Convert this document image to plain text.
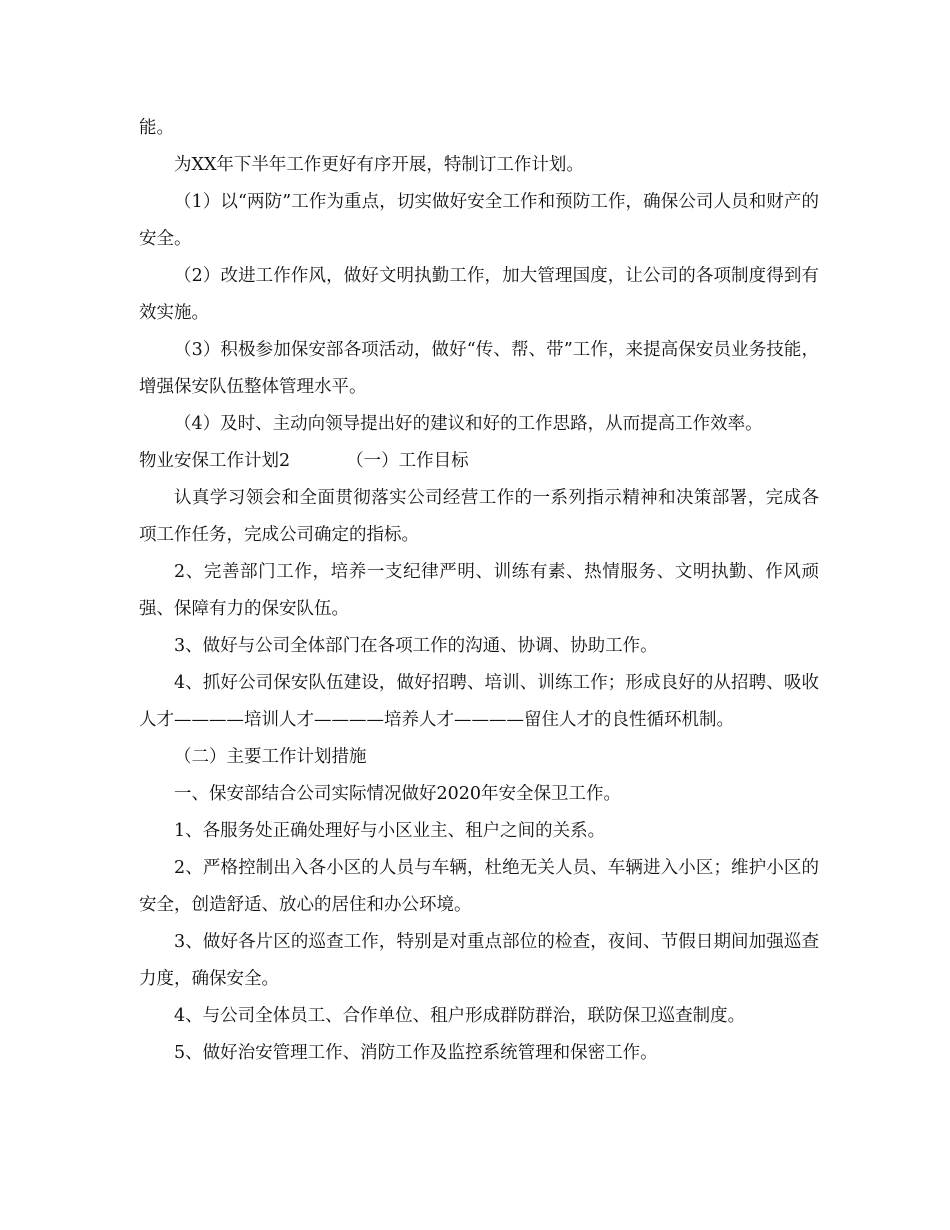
能。

为XX年下半年工作更好有序开展，特制订工作计划。

（1）以“两防”工作为重点，切实做好安全工作和预防工作，确保公司人员和财产的安全。

（2）改进工作作风，做好文明执勤工作，加大管理国度，让公司的各项制度得到有效实施。

（3）积极参加保安部各项活动，做好“传、帮、带”工作，来提高保安员业务技能，增强保安队伍整体管理水平。

（4）及时、主动向领导提出好的建议和好的工作思路，从而提高工作效率。

物业安保工作计划2	（一）工作目标

认真学习领会和全面贯彻落实公司经营工作的一系列指示精神和决策部署，完成各项工作任务，完成公司确定的指标。

2、完善部门工作，培养一支纪律严明、训练有素、热情服务、文明执勤、作风顽强、保障有力的保安队伍。

3、做好与公司全体部门在各项工作的沟通、协调、协助工作。

4、抓好公司保安队伍建设，做好招聘、培训、训练工作；形成良好的从招聘、吸收人才————培训人才————培养人才————留住人才的良性循环机制。

（二）主要工作计划措施

一、保安部结合公司实际情况做好2020年安全保卫工作。

1、各服务处正确处理好与小区业主、租户之间的关系。

2、严格控制出入各小区的人员与车辆，杜绝无关人员、车辆进入小区；维护小区的安全，创造舒适、放心的居住和办公环境。

3、做好各片区的巡查工作，特别是对重点部位的检查，夜间、节假日期间加强巡查力度，确保安全。

4、与公司全体员工、合作单位、租户形成群防群治，联防保卫巡查制度。

5、做好治安管理工作、消防工作及监控系统管理和保密工作。
